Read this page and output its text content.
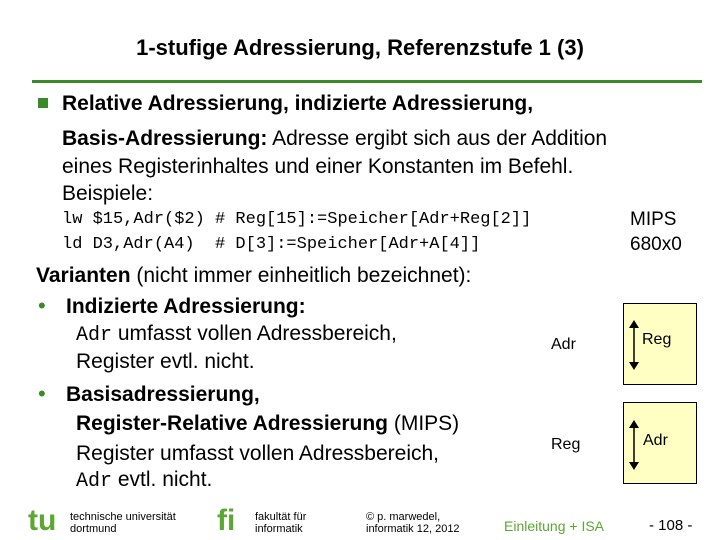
1-stufige Adressierung, Referenzstufe 1 (3)
Relative Adressierung, indizierte Adressierung,
Basis-Adressierung: Adresse ergibt sich aus der Addition
eines Registerinhaltes und einer Konstanten im Befehl.
Beispiele:
lw $15,Adr($2) # Reg[15]:=Speicher[Adr+Reg[2]]	MIPS
ld D3,Adr(A4)  # D[3]:=Speicher[Adr+A[4]]	680x0
Varianten (nicht immer einheitlich bezeichnet):
• Indizierte Adressierung:
Adr umfasst vollen Adressbereich,
Register evtl. nicht.
• Basisadressierung,
Register-Relative Adressierung (MIPS)
Register umfasst vollen Adressbereich,
Adr evtl. nicht.
Adr	Reg
Reg	Adr
tu technische universität
dortmund	fi fakultät für
informatik
© p. marwedel,
informatik 12, 2012	Einleitung + ISA	- 108 -
